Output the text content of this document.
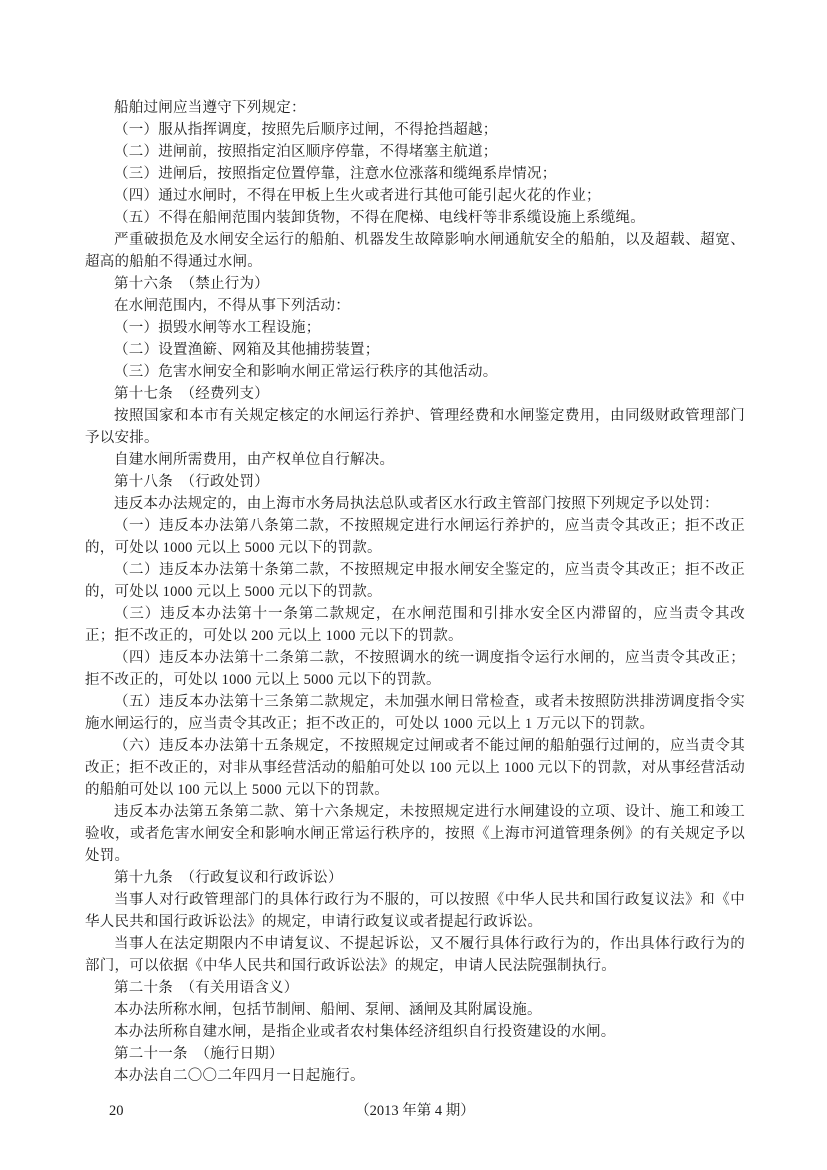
船舶过闸应当遵守下列规定：

（一）服从指挥调度，按照先后顺序过闸，不得抢挡超越；

（二）进闸前，按照指定泊区顺序停靠，不得堵塞主航道；

（三）进闸后，按照指定位置停靠，注意水位涨落和缆绳系岸情况；

（四）通过水闸时，不得在甲板上生火或者进行其他可能引起火花的作业；

（五）不得在船闸范围内装卸货物，不得在爬梯、电线杆等非系缆设施上系缆绳。

严重破损危及水闸安全运行的船舶、机器发生故障影响水闸通航安全的船舶，以及超载、超宽、超高的船舶不得通过水闸。

第十六条　（禁止行为）

在水闸范围内，不得从事下列活动：

（一）损毁水闸等水工程设施；

（二）设置渔簖、网箱及其他捕捞装置；

（三）危害水闸安全和影响水闸正常运行秩序的其他活动。

第十七条　（经费列支）

按照国家和本市有关规定核定的水闸运行养护、管理经费和水闸鉴定费用，由同级财政管理部门予以安排。

自建水闸所需费用，由产权单位自行解决。

第十八条　（行政处罚）

违反本办法规定的，由上海市水务局执法总队或者区水行政主管部门按照下列规定予以处罚：

（一）违反本办法第八条第二款，不按照规定进行水闸运行养护的，应当责令其改正；拒不改正的，可处以 1000 元以上 5000 元以下的罚款。

（二）违反本办法第十条第二款，不按照规定申报水闸安全鉴定的，应当责令其改正；拒不改正的，可处以 1000 元以上 5000 元以下的罚款。

（三）违反本办法第十一条第二款规定，在水闸范围和引排水安全区内滞留的，应当责令其改正；拒不改正的，可处以 200 元以上 1000 元以下的罚款。

（四）违反本办法第十二条第二款，不按照调水的统一调度指令运行水闸的，应当责令其改正；拒不改正的，可处以 1000 元以上 5000 元以下的罚款。

（五）违反本办法第十三条第二款规定，未加强水闸日常检查，或者未按照防洪排涝调度指令实施水闸运行的，应当责令其改正；拒不改正的，可处以 1000 元以上 1 万元以下的罚款。

（六）违反本办法第十五条规定，不按照规定过闸或者不能过闸的船舶强行过闸的，应当责令其改正；拒不改正的，对非从事经营活动的船舶可处以 100 元以上 1000 元以下的罚款，对从事经营活动的船舶可处以 100 元以上 5000 元以下的罚款。

违反本办法第五条第二款、第十六条规定，未按照规定进行水闸建设的立项、设计、施工和竣工验收，或者危害水闸安全和影响水闸正常运行秩序的，按照《上海市河道管理条例》的有关规定予以处罚。

第十九条　（行政复议和行政诉讼）

当事人对行政管理部门的具体行政行为不服的，可以按照《中华人民共和国行政复议法》和《中华人民共和国行政诉讼法》的规定，申请行政复议或者提起行政诉讼。

当事人在法定期限内不申请复议、不提起诉讼，又不履行具体行政行为的，作出具体行政行为的部门，可以依据《中华人民共和国行政诉讼法》的规定，申请人民法院强制执行。

第二十条　（有关用语含义）

本办法所称水闸，包括节制闸、船闸、泵闸、涵闸及其附属设施。

本办法所称自建水闸，是指企业或者农村集体经济组织自行投资建设的水闸。

第二十一条　（施行日期）

本办法自二〇〇二年四月一日起施行。

20	（2013 年第 4 期）
